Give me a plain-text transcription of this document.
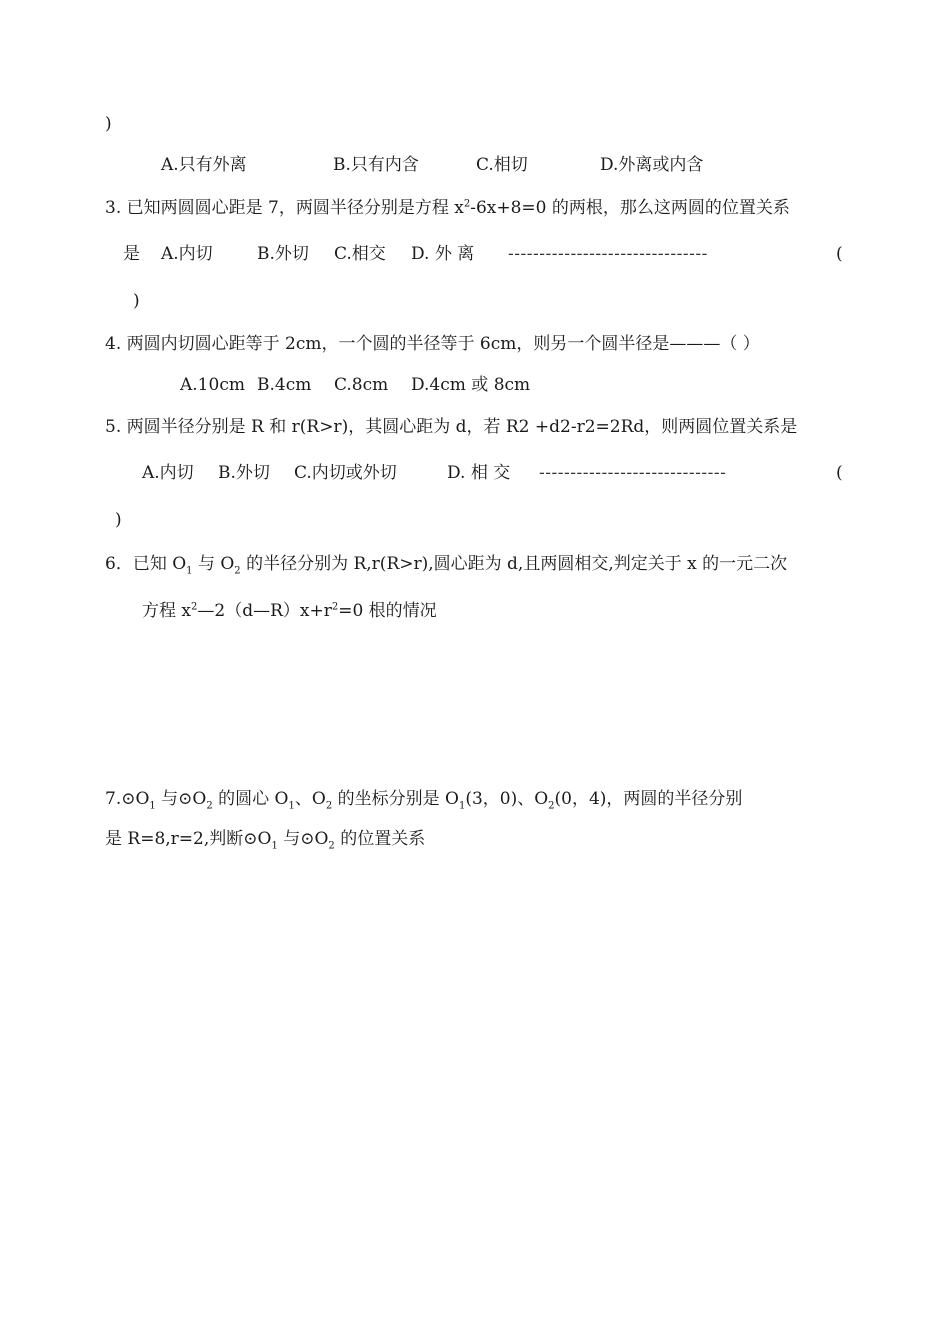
)
A.只有外离	B.只有内含	C.相切	D.外离或内含
3. 已知两圆圆心距是 7，两圆半径分别是方程 $x^2-6x+8=0$ 的两根，那么这两圆的位置关系
是 A.内切	B.外切 C.相交 D. 外 离 --------------------------------	(
)
4. 两圆内切圆心距等于 2cm，一个圆的半径等于 6cm，则另一个圆半径是———（ ）
A.10cm B.4cm C.8cm D.4cm 或 8cm
5. 两圆半径分别是 R 和 r(R>r)，其圆心距为 d，若 R2 +d2-r2=2Rd，则两圆位置关系是
A.内切 B.外切 C.内切或外切	D. 相 交 ------------------------------	(
)
6．已知 $O_1$ 与 $O_2$ 的半径分别为 R,r(R>r),圆心距为 d,且两圆相交,判定关于 x 的一元二次
方程 $x^2—2(d—R)x+r^2=0$ 根的情况
$7.⊙O_1$ 与$⊙O_2$ 的圆心 $O_1$、$O_2$ 的坐标分别是 $O_1(3$，0)、$O_2(0$，4)，两圆的半径分别
是 R=8,r=2,判断$⊙O_1$ 与$⊙O_2$ 的位置关系
